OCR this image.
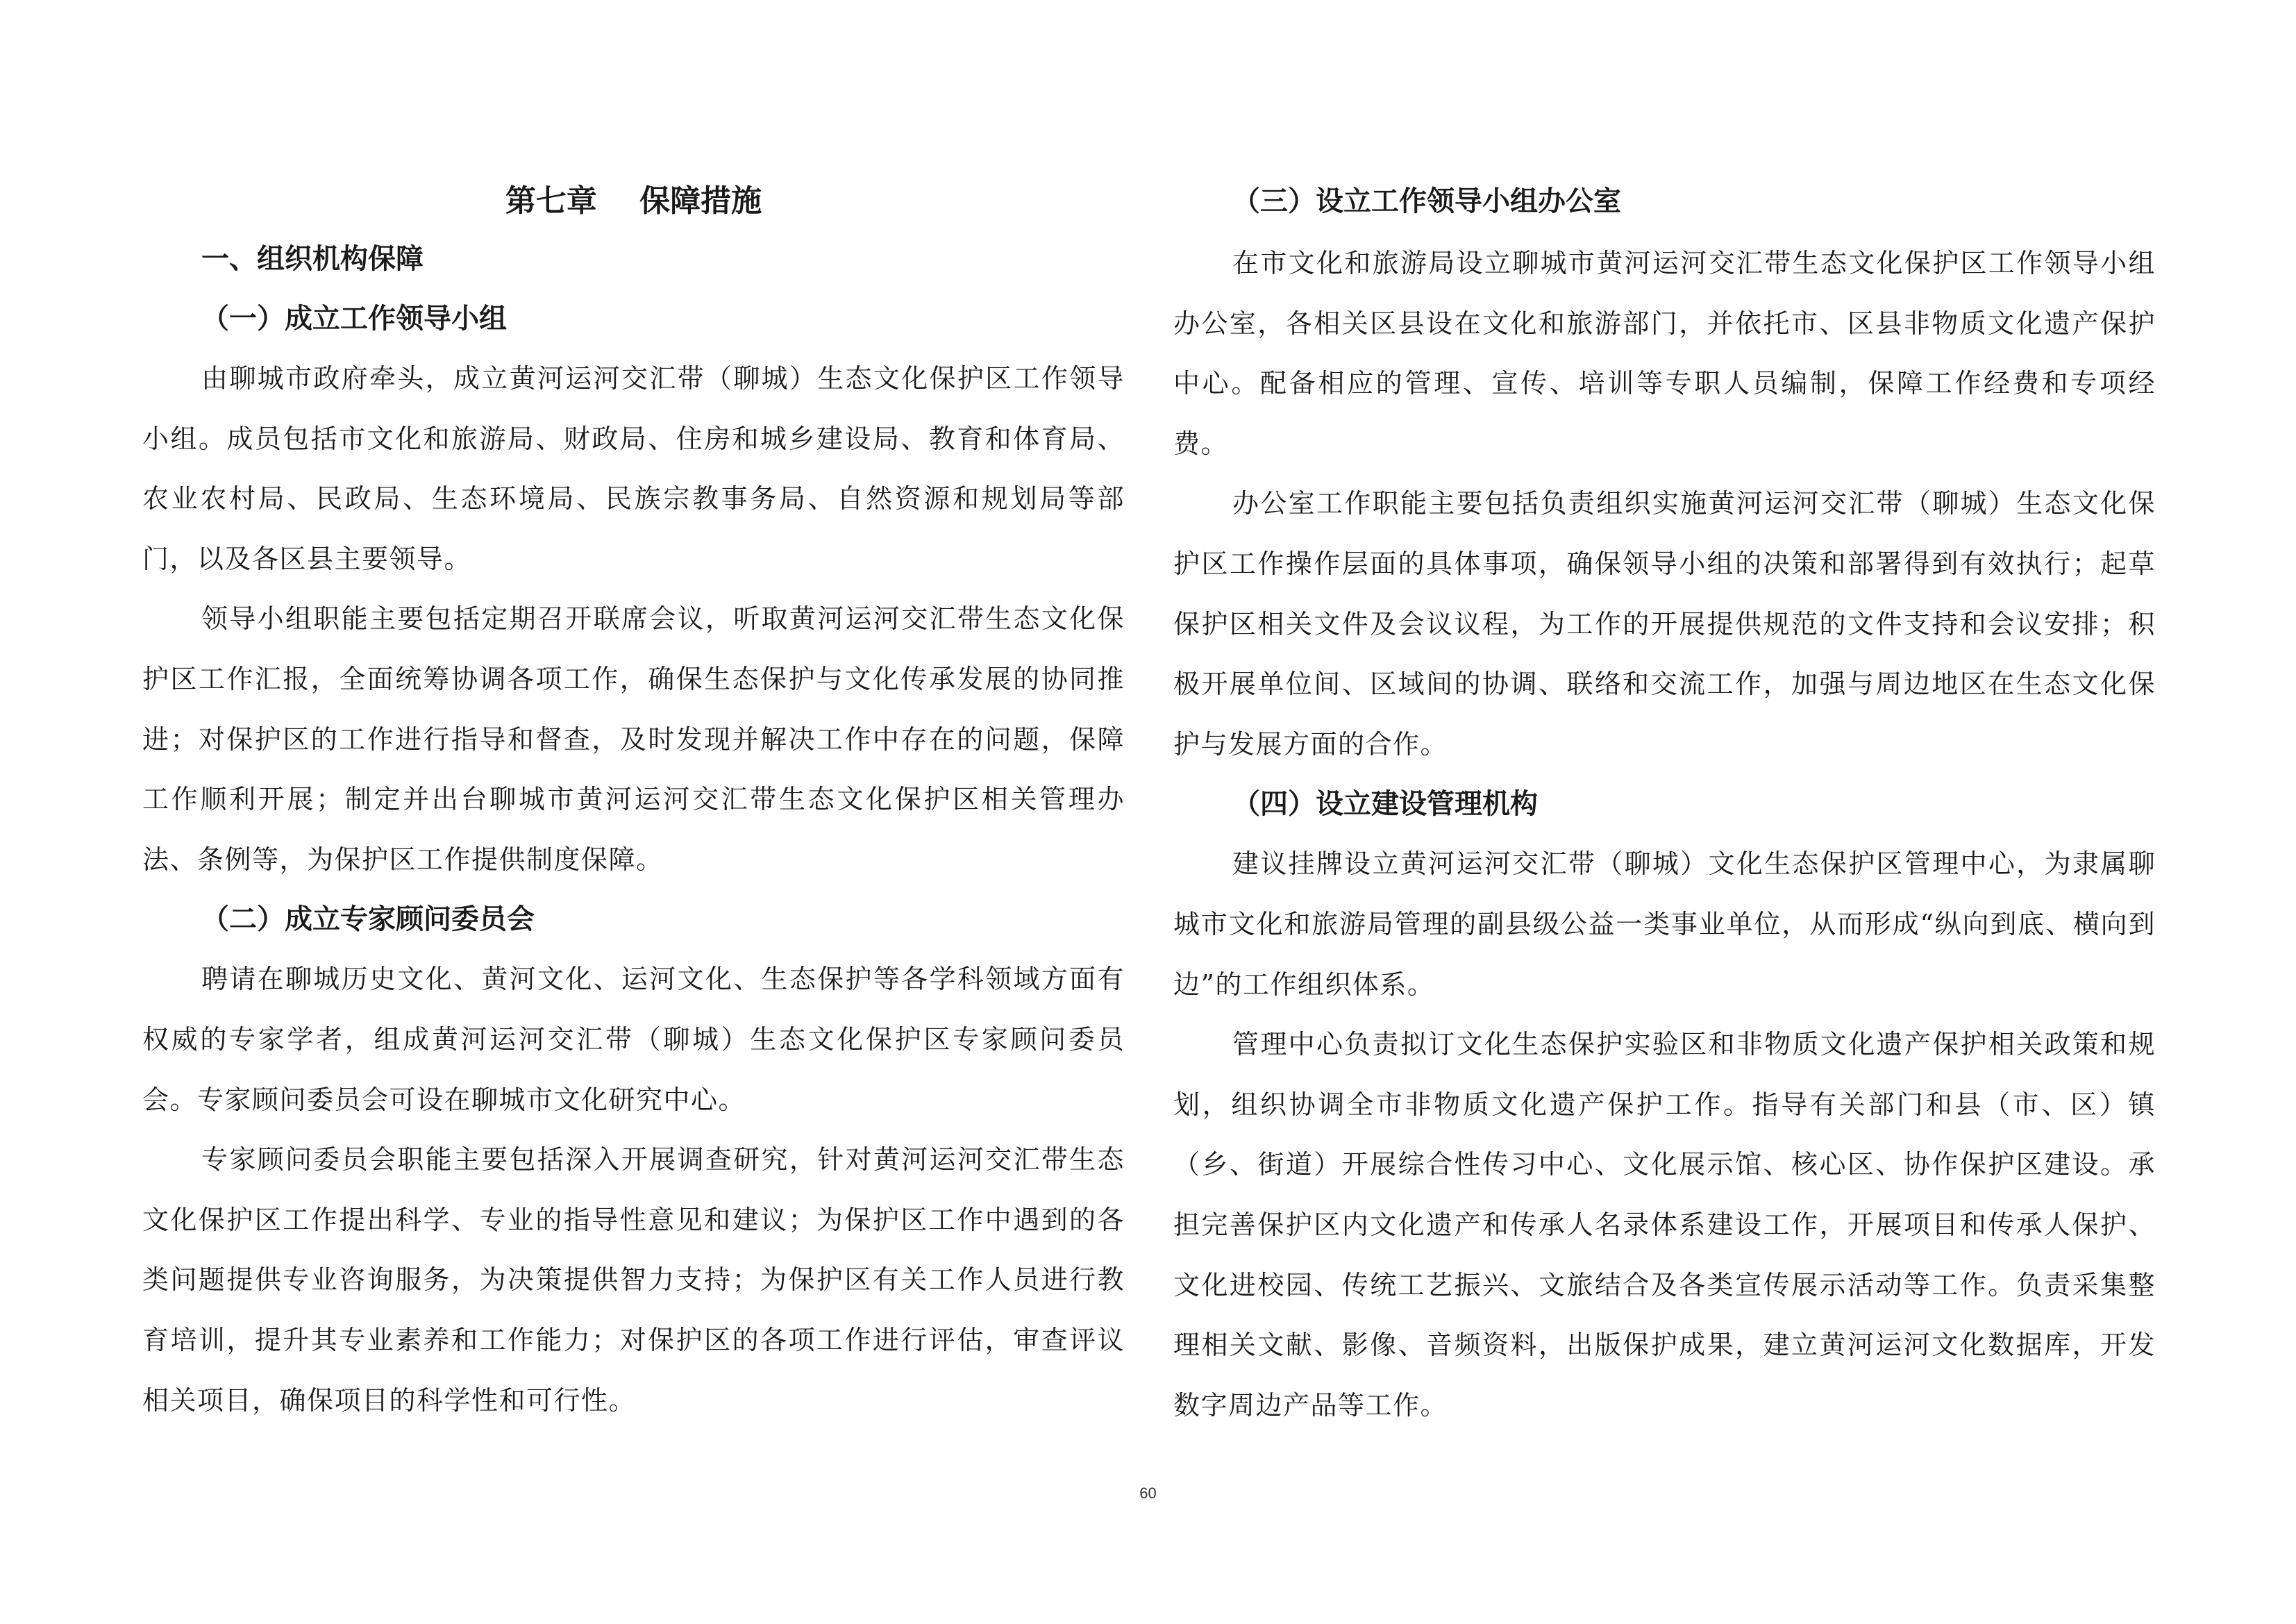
第七章    保障措施
一、组织机构保障
（一）成立工作领导小组

由聊城市政府牵头，成立黄河运河交汇带（聊城）生态文化保护区工作领导小组。成员包括市文化和旅游局、财政局、住房和城乡建设局、教育和体育局、农业农村局、民政局、生态环境局、民族宗教事务局、自然资源和规划局等部门，以及各区县主要领导。

领导小组职能主要包括定期召开联席会议，听取黄河运河交汇带生态文化保护区工作汇报，全面统筹协调各项工作，确保生态保护与文化传承发展的协同推进；对保护区的工作进行指导和督查，及时发现并解决工作中存在的问题，保障工作顺利开展；制定并出台聊城市黄河运河交汇带生态文化保护区相关管理办法、条例等，为保护区工作提供制度保障。

（二）成立专家顾问委员会

聘请在聊城历史文化、黄河文化、运河文化、生态保护等各学科领域方面有权威的专家学者，组成黄河运河交汇带（聊城）生态文化保护区专家顾问委员会。专家顾问委员会可设在聊城市文化研究中心。

专家顾问委员会职能主要包括深入开展调查研究，针对黄河运河交汇带生态文化保护区工作提出科学、专业的指导性意见和建议；为保护区工作中遇到的各类问题提供专业咨询服务，为决策提供智力支持；为保护区有关工作人员进行教育培训，提升其专业素养和工作能力；对保护区的各项工作进行评估，审查评议相关项目，确保项目的科学性和可行性。

（三）设立工作领导小组办公室

在市文化和旅游局设立聊城市黄河运河交汇带生态文化保护区工作领导小组办公室，各相关区县设在文化和旅游部门，并依托市、区县非物质文化遗产保护中心。配备相应的管理、宣传、培训等专职人员编制，保障工作经费和专项经费。

办公室工作职能主要包括负责组织实施黄河运河交汇带（聊城）生态文化保护区工作操作层面的具体事项，确保领导小组的决策和部署得到有效执行；起草保护区相关文件及会议议程，为工作的开展提供规范的文件支持和会议安排；积极开展单位间、区域间的协调、联络和交流工作，加强与周边地区在生态文化保护与发展方面的合作。

（四）设立建设管理机构

建议挂牌设立黄河运河交汇带（聊城）文化生态保护区管理中心，为隶属聊城市文化和旅游局管理的副县级公益一类事业单位，从而形成“纵向到底、横向到边”的工作组织体系。

管理中心负责拟订文化生态保护实验区和非物质文化遗产保护相关政策和规划，组织协调全市非物质文化遗产保护工作。指导有关部门和县（市、区）镇（乡、街道）开展综合性传习中心、文化展示馆、核心区、协作保护区建设。承担完善保护区内文化遗产和传承人名录体系建设工作，开展项目和传承人保护、文化进校园、传统工艺振兴、文旅结合及各类宣传展示活动等工作。负责采集整理相关文献、影像、音频资料，出版保护成果，建立黄河运河文化数据库，开发数字周边产品等工作。

60
